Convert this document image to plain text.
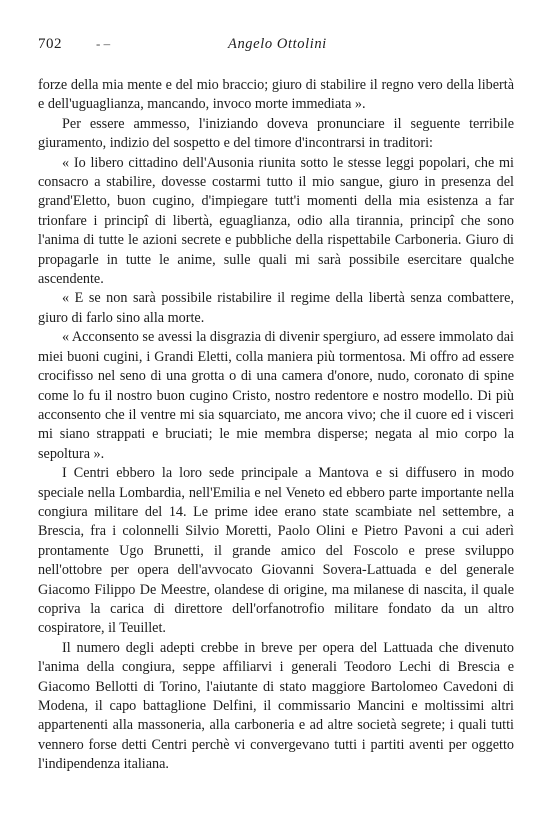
702	- –	Angelo Ottolini

forze della mia mente e del mio braccio; giuro di stabilire il regno vero della libertà e dell'uguaglianza, mancando, invoco morte immediata ».

Per essere ammesso, l'iniziando doveva pronunciare il seguente terribile giuramento, indizio del sospetto e del timore d'incontrarsi in traditori:

« Io libero cittadino dell'Ausonia riunita sotto le stesse leggi popolari, che mi consacro a stabilire, dovesse costarmi tutto il mio sangue, giuro in presenza del grand'Eletto, buon cugino, d'impiegare tutt'i momenti della mia esistenza a far trionfare i principî di libertà, eguaglianza, odio alla tirannia, principî che sono l'anima di tutte le azioni secrete e pubbliche della rispettabile Carboneria. Giuro di propagarle in tutte le anime, sulle quali mi sarà possibile esercitare qualche ascendente.

« E se non sarà possibile ristabilire il regime della libertà senza combattere, giuro di farlo sino alla morte.

« Acconsento se avessi la disgrazia di divenir spergiuro, ad essere immolato dai miei buoni cugini, i Grandi Eletti, colla maniera più tormentosa. Mi offro ad essere crocifisso nel seno di una grotta o di una camera d'onore, nudo, coronato di spine come lo fu il nostro buon cugino Cristo, nostro redentore e nostro modello. Di più acconsento che il ventre mi sia squarciato, me ancora vivo; che il cuore ed i visceri mi siano strappati e bruciati; le mie membra disperse; negata al mio corpo la sepoltura ».

I Centri ebbero la loro sede principale a Mantova e si diffusero in modo speciale nella Lombardia, nell'Emilia e nel Veneto ed ebbero parte importante nella congiura militare del 14. Le prime idee erano state scambiate nel settembre, a Brescia, fra i colonnelli Silvio Moretti, Paolo Olini e Pietro Pavoni a cui aderì prontamente Ugo Brunetti, il grande amico del Foscolo e prese sviluppo nell'ottobre per opera dell'avvocato Giovanni Sovera-Lattuada e del generale Giacomo Filippo De Meestre, olandese di origine, ma milanese di nascita, il quale copriva la carica di direttore dell'orfanotrofio militare fondato da un altro cospiratore, il Teuillet.

Il numero degli adepti crebbe in breve per opera del Lattuada che divenuto l'anima della congiura, seppe affiliarvi i generali Teodoro Lechi di Brescia e Giacomo Bellotti di Torino, l'aiutante di stato maggiore Bartolomeo Cavedoni di Modena, il capo battaglione Delfini, il commissario Mancini e moltissimi altri appartenenti alla massoneria, alla carboneria e ad altre società segrete; i quali tutti vennero forse detti Centri perchè vi convergevano tutti i partiti aventi per oggetto l'indipendenza italiana.
